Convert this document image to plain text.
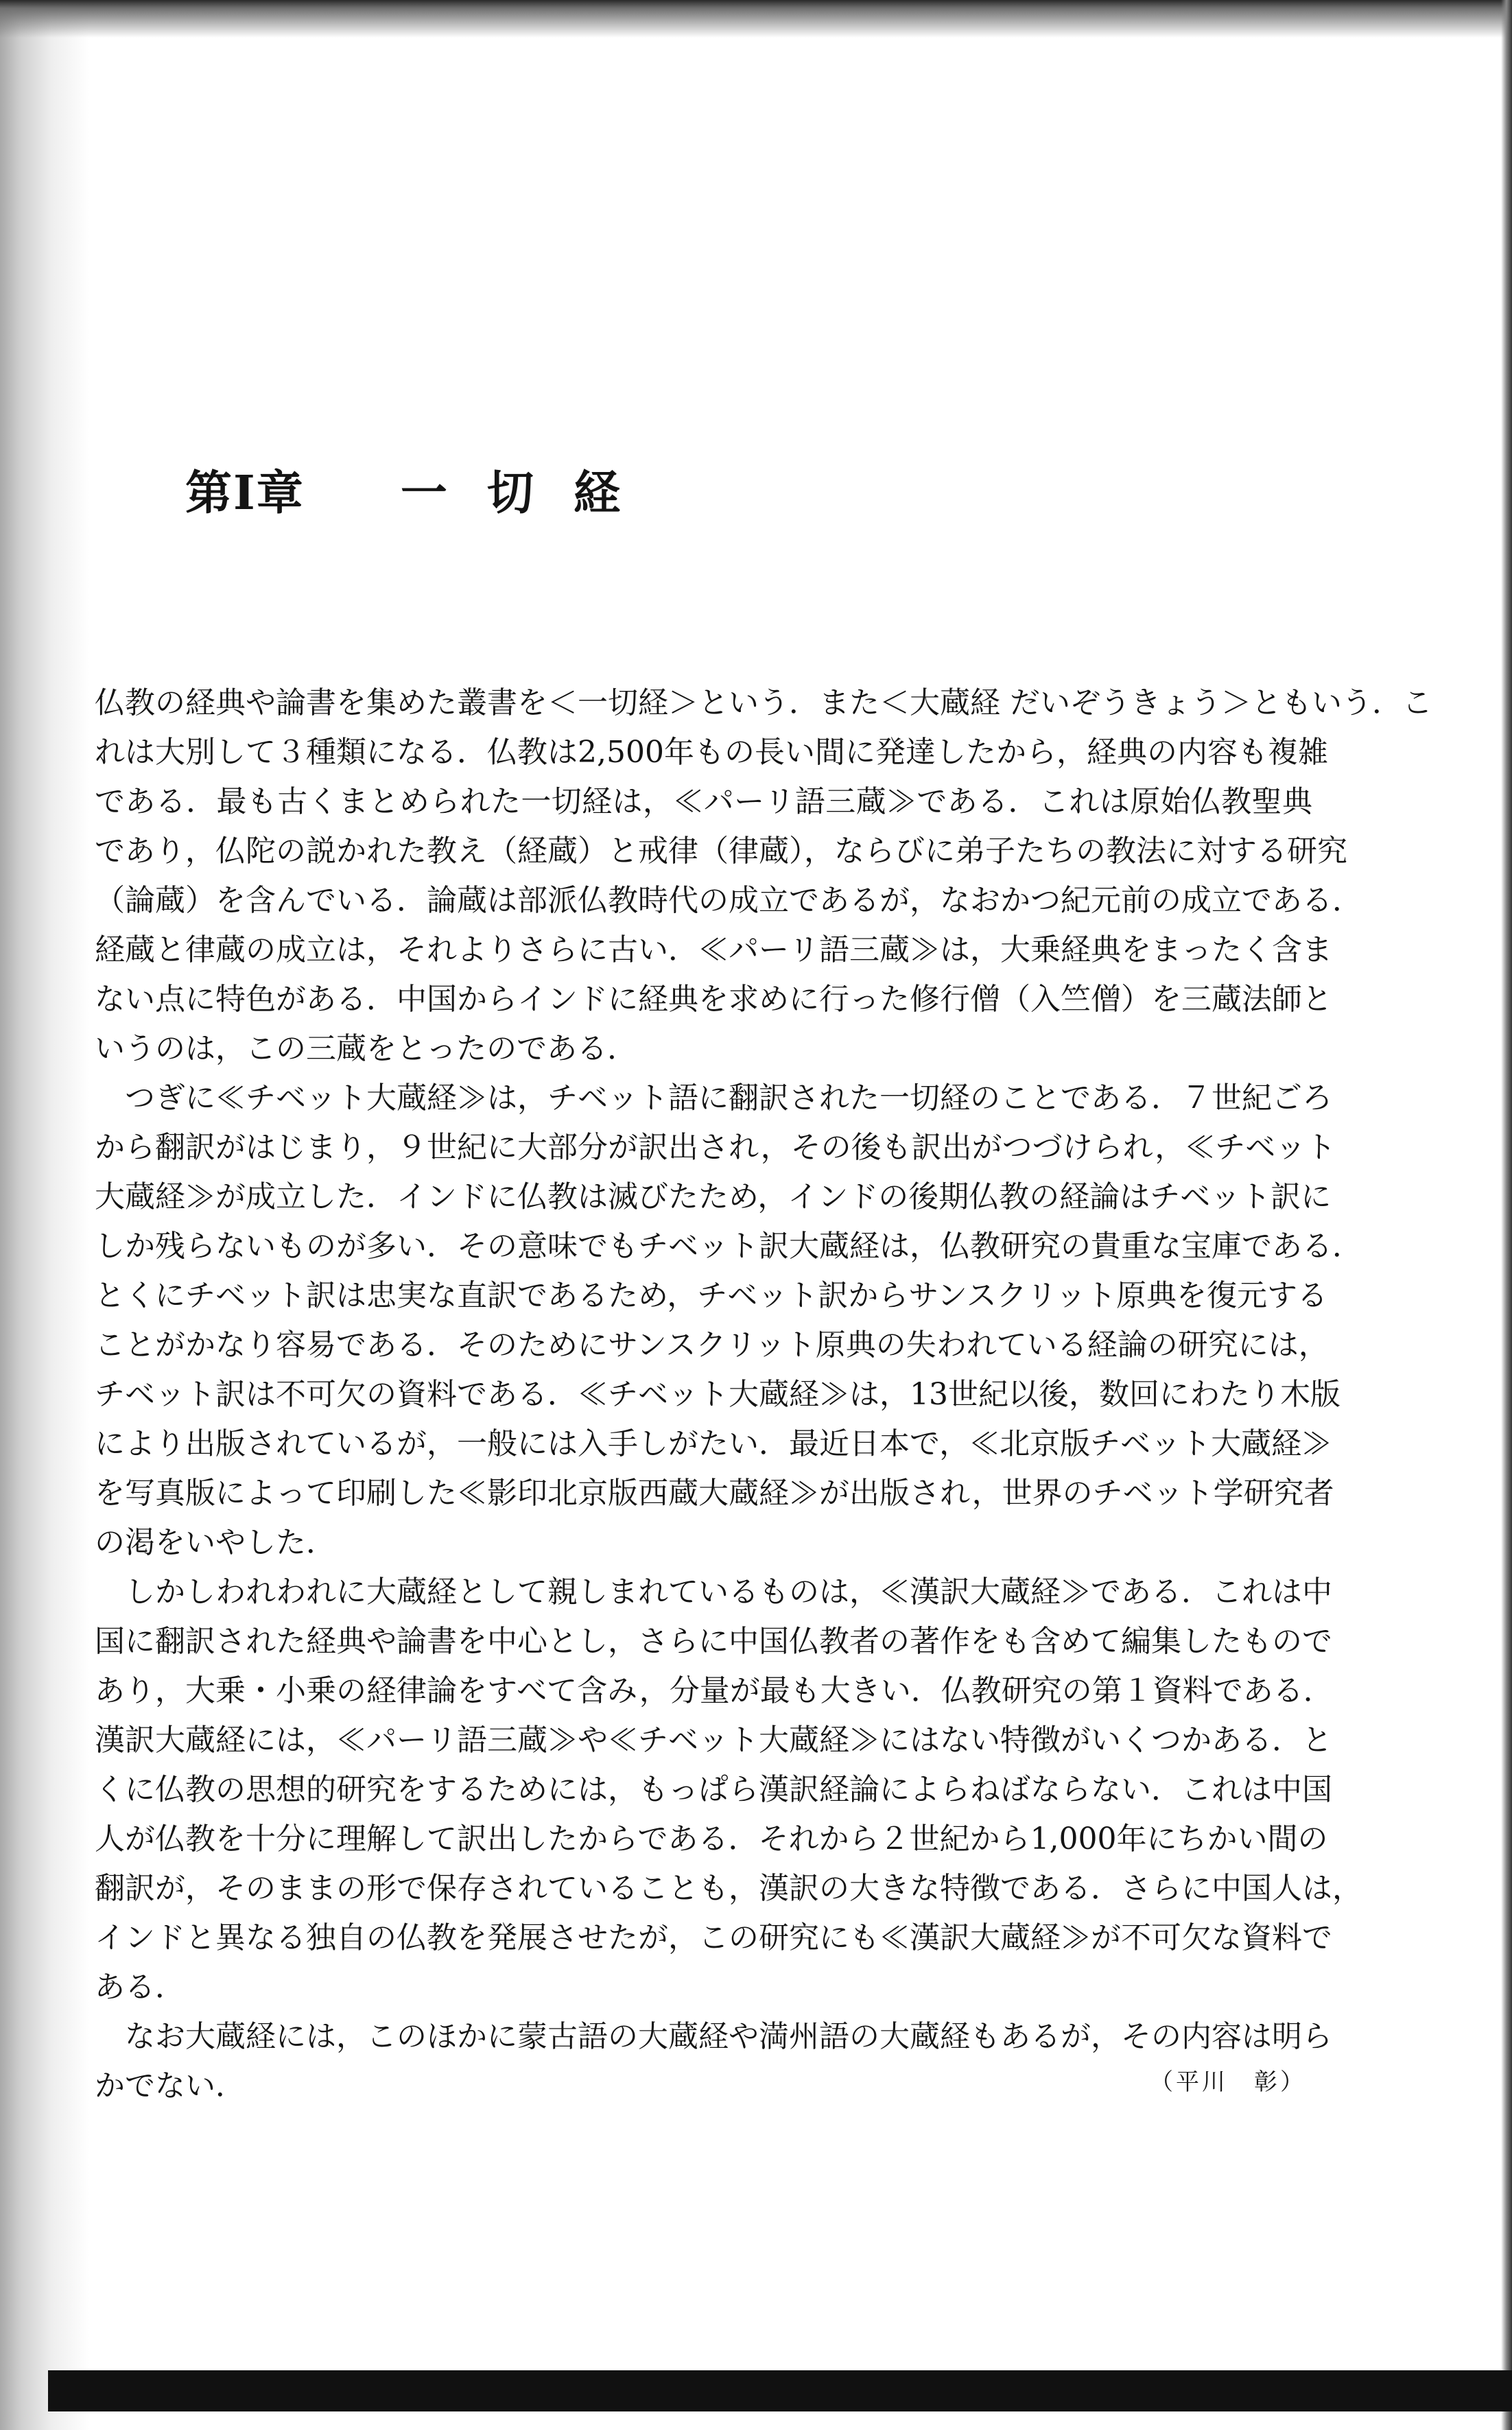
第Ⅰ章 一切経
仏教の経典や論書を集めた叢書を＜一切経＞という．また＜大蔵経 だいぞうきょう＞ともいう．こ
れは大別して３種類になる．仏教は2,500年もの長い間に発達したから，経典の内容も複雑
である．最も古くまとめられた一切経は，≪パーリ語三蔵≫である．これは原始仏教聖典
であり，仏陀の説かれた教え（経蔵）と戒律（律蔵），ならびに弟子たちの教法に対する研究
（論蔵）を含んでいる．論蔵は部派仏教時代の成立であるが，なおかつ紀元前の成立である．
経蔵と律蔵の成立は，それよりさらに古い．≪パーリ語三蔵≫は，大乗経典をまったく含ま
ない点に特色がある．中国からインドに経典を求めに行った修行僧（入竺僧）を三蔵法師と
いうのは，この三蔵をとったのである．
　つぎに≪チベット大蔵経≫は，チベット語に翻訳された一切経のことである．７世紀ごろ
から翻訳がはじまり，９世紀に大部分が訳出され，その後も訳出がつづけられ，≪チベット
大蔵経≫が成立した．インドに仏教は滅びたため，インドの後期仏教の経論はチベット訳に
しか残らないものが多い．その意味でもチベット訳大蔵経は，仏教研究の貴重な宝庫である．
とくにチベット訳は忠実な直訳であるため，チベット訳からサンスクリット原典を復元する
ことがかなり容易である．そのためにサンスクリット原典の失われている経論の研究には，
チベット訳は不可欠の資料である．≪チベット大蔵経≫は，13世紀以後，数回にわたり木版
により出版されているが，一般には入手しがたい．最近日本で，≪北京版チベット大蔵経≫
を写真版によって印刷した≪影印北京版西蔵大蔵経≫が出版され，世界のチベット学研究者
の渇をいやした．
　しかしわれわれに大蔵経として親しまれているものは，≪漢訳大蔵経≫である．これは中
国に翻訳された経典や論書を中心とし，さらに中国仏教者の著作をも含めて編集したもので
あり，大乗・小乗の経律論をすべて含み，分量が最も大きい．仏教研究の第１資料である．
漢訳大蔵経には，≪パーリ語三蔵≫や≪チベット大蔵経≫にはない特徴がいくつかある．と
くに仏教の思想的研究をするためには，もっぱら漢訳経論によらねばならない．これは中国
人が仏教を十分に理解して訳出したからである．それから２世紀から1,000年にちかい間の
翻訳が，そのままの形で保存されていることも，漢訳の大きな特徴である．さらに中国人は，
インドと異なる独自の仏教を発展させたが，この研究にも≪漢訳大蔵経≫が不可欠な資料で
ある．
　なお大蔵経には，このほかに蒙古語の大蔵経や満州語の大蔵経もあるが，その内容は明ら
かでない．	（平川　彰）
